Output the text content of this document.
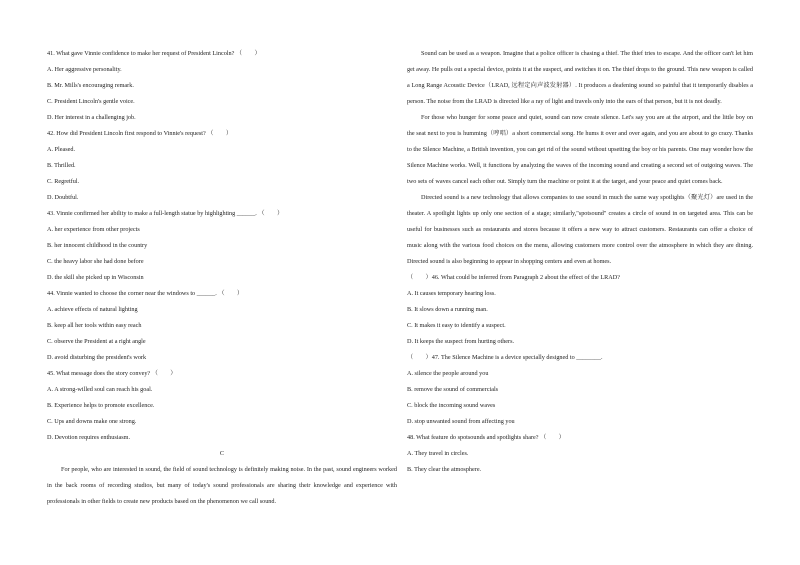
41. What gave Vinnie confidence to make her request of President Lincoln? （　　）
A. Her aggressive personality.
B. Mr. Mills's encouraging remark.
C. President Lincoln's gentle voice.
D. Her interest in a challenging job.
42. How did President Lincoln first respond to Vinnie's request? （　　）
A. Pleased.
B. Thrilled.
C. Regretful.
D. Doubtful.
43. Vinnie confirmed her ability to make a full-length statue by highlighting ______. （　　）
A. her experience from other projects
B. her innocent childhood in the country
C. the heavy labor she had done before
D. the skill she picked up in Wisconsin
44. Vinnie wanted to choose the corner near the windows to ______. （　　）
A. achieve effects of natural lighting
B. keep all her tools within easy reach
C. observe the President at a right angle
D. avoid disturbing the president's work
45. What message does the story convey? （　　）
A. A strong-willed soul can reach his goal.
B. Experience helps to promote excellence.
C. Ups and downs make one strong.
D. Devotion requires enthusiasm.
C
For people, who are interested in sound, the field of sound technology is definitely making noise. In the past, sound engineers worked in the back rooms of recording studios, but many of today's sound professionals are sharing their knowledge and experience with professionals in other fields to create new products based on the phenomenon we call sound.
Sound can be used as a weapon. Imagine that a police officer is chasing a thief. The thief tries to escape. And the officer can't let him get away. He pulls out a special device, points it at the suspect, and switches it on. The thief drops to the ground. This new weapon is called a Long Range Acoustic Device（LRAD, 远程定向声波发射器）. It produces a deafening sound so painful that it temporarily disables a person. The noise from the LRAD is directed like a ray of light and travels only into the ears of that person, but it is not deadly.
For those who hunger for some peace and quiet, sound can now create silence. Let's say you are at the airport, and the little boy on the seat next to you is humming（哼唱）a short commercial song. He hums it over and over again, and you are about to go crazy. Thanks to the Silence Machine, a British invention, you can get rid of the sound without upsetting the boy or his parents. One may wonder how the Silence Machine works. Well, it functions by analyzing the waves of the incoming sound and creating a second set of outgoing waves. The two sets of waves cancel each other out. Simply turn the machine or point it at the target, and your peace and quiet comes back.
Directed sound is a new technology that allows companies to use sound in much the same way spotlights（聚光灯）are used in the theater. A spotlight lights up only one section of a stage; similarly,"spotsound" creates a circle of sound in on targeted area. This can be useful for businesses such as restaurants and stores because it offers a new way to attract customers. Restaurants can offer a choice of music along with the various food choices on the menu, allowing customers more control over the atmosphere in which they are dining. Directed sound is also beginning to appear in shopping centers and even at homes.
（　　）46. What could be inferred from Paragraph 2 about the effect of the LRAD?
A. It causes temporary hearing loss.
B. It slows down a running man.
C. It makes it easy to identify a suspect.
D. It keeps the suspect from hurting others.
（　　）47. The Silence Machine is a device specially designed to ________.
A. silence the people around you
B. remove the sound of commercials
C. block the incoming sound waves
D. stop unwanted sound from affecting you
48. What feature do spotsounds and spotlights share? （　　）
A. They travel in circles.
B. They clear the atmosphere.
